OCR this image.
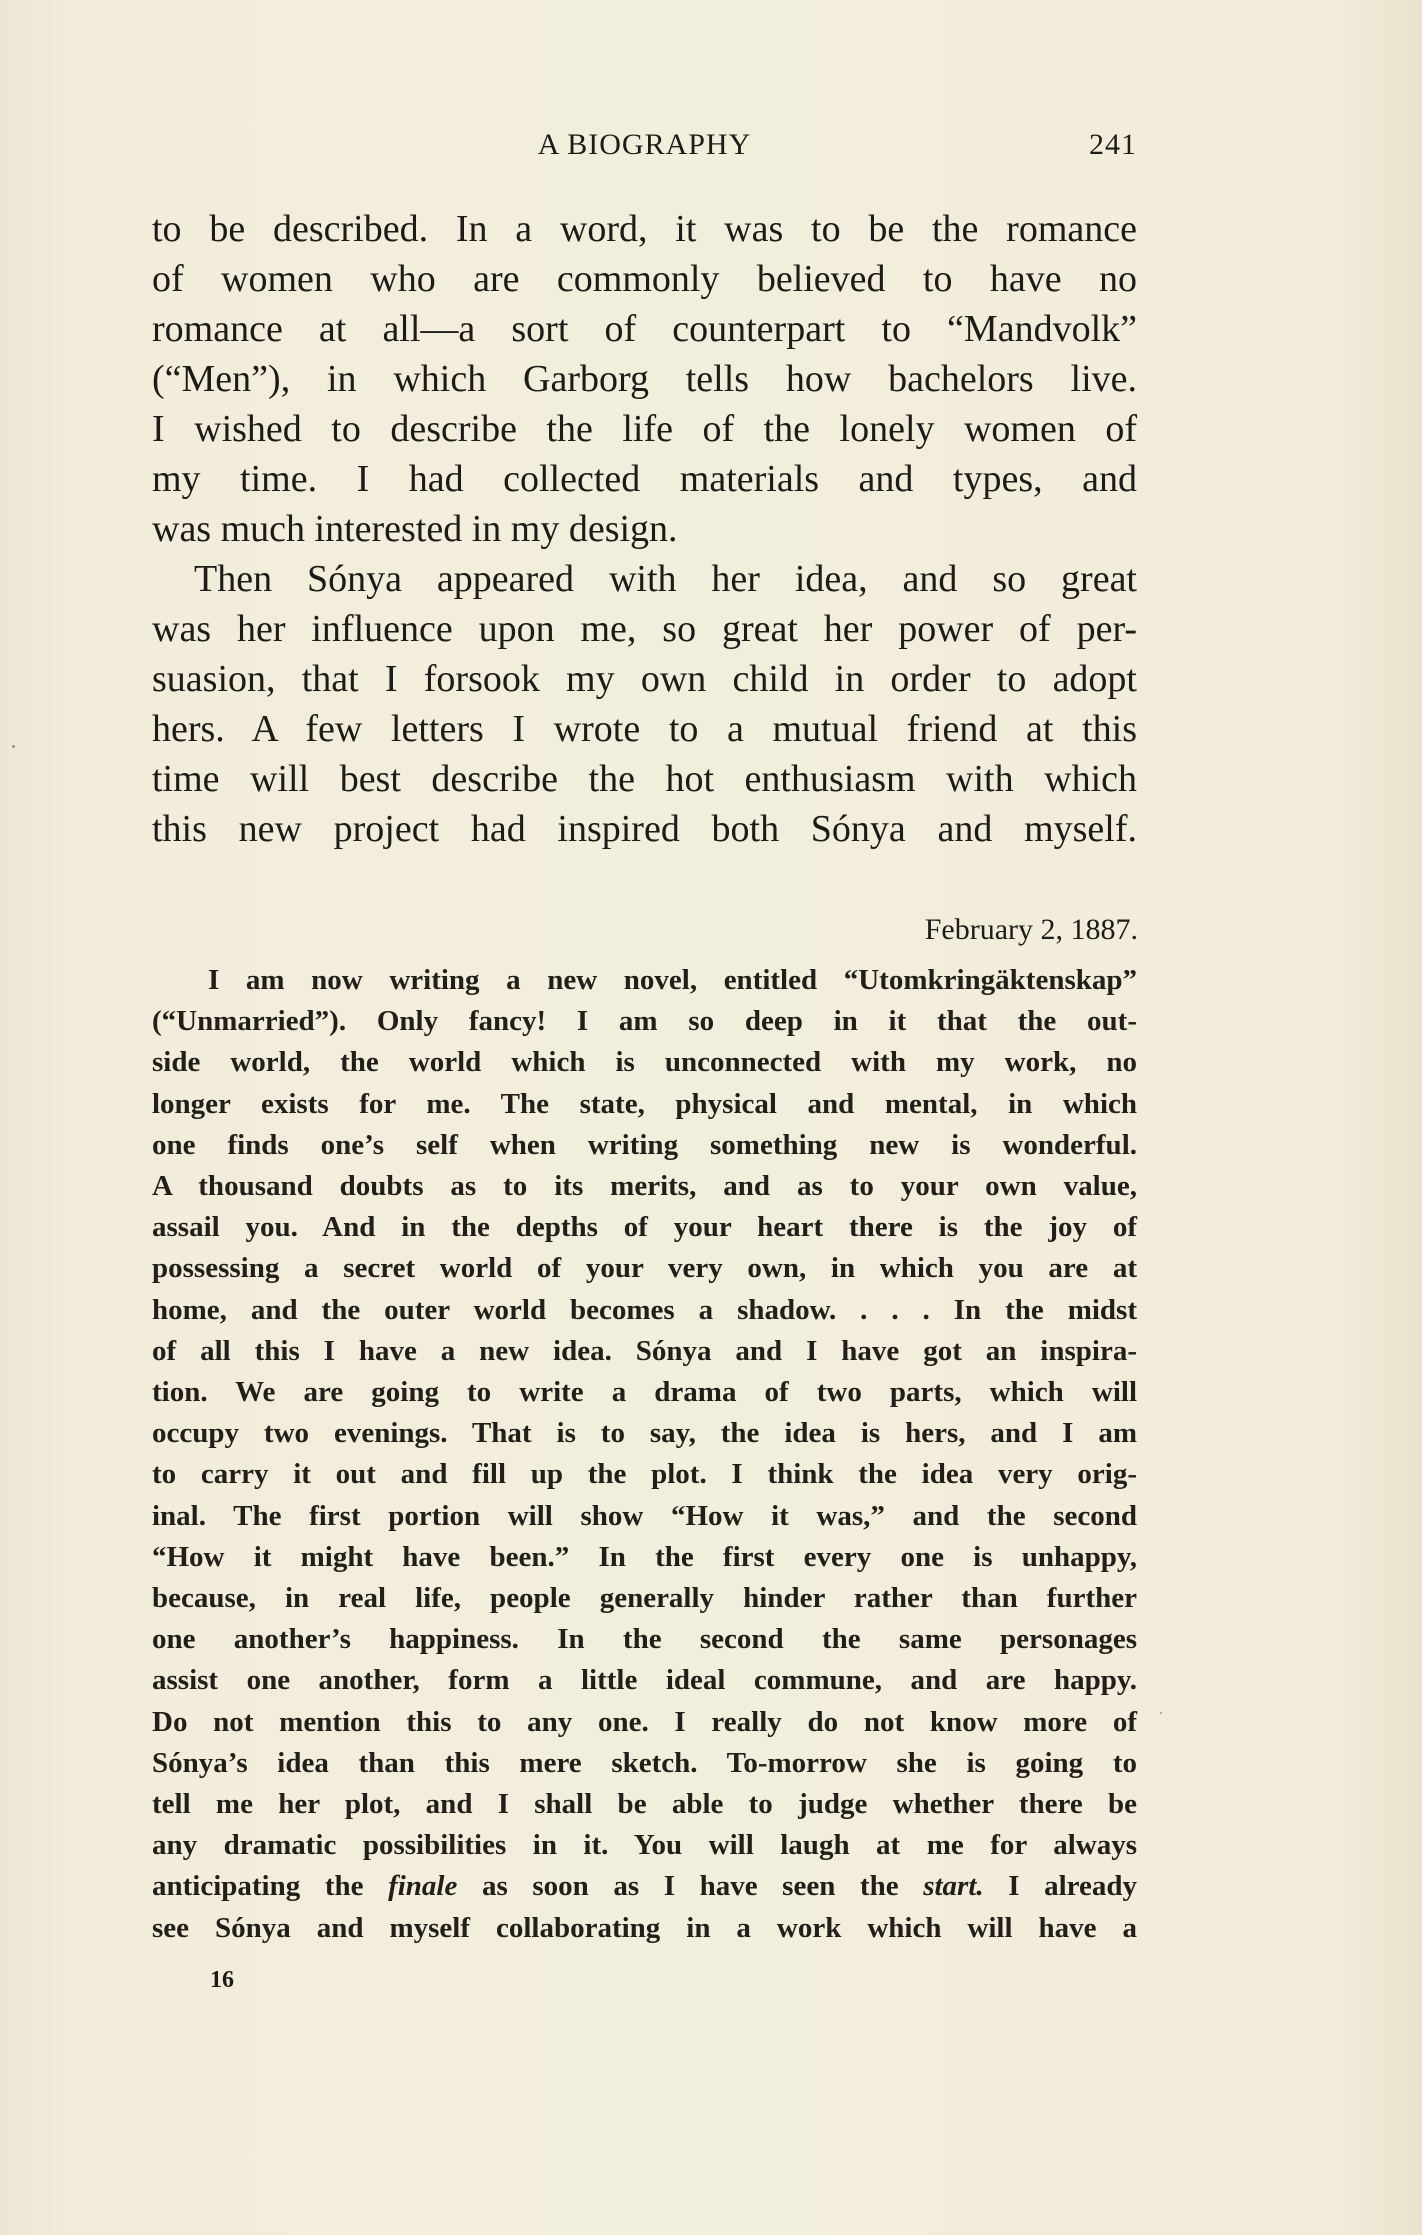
A BIOGRAPHY	241
to be described. In a word, it was to be the romance
of women who are commonly believed to have no
romance at all—a sort of counterpart to “Mandvolk”
(“Men”), in which Garborg tells how bachelors live.
I wished to describe the life of the lonely women of
my time. I had collected materials and types, and
was much interested in my design.
Then Sónya appeared with her idea, and so great
was her influence upon me, so great her power of per-
suasion, that I forsook my own child in order to adopt
hers. A few letters I wrote to a mutual friend at this
time will best describe the hot enthusiasm with which
this new project had inspired both Sónya and myself.
February 2, 1887.
I am now writing a new novel, entitled “Utomkringäktenskap”
(“Unmarried”). Only fancy! I am so deep in it that the out-
side world, the world which is unconnected with my work, no
longer exists for me. The state, physical and mental, in which
one finds one’s self when writing something new is wonderful.
A thousand doubts as to its merits, and as to your own value,
assail you. And in the depths of your heart there is the joy of
possessing a secret world of your very own, in which you are at
home, and the outer world becomes a shadow. . . . In the midst
of all this I have a new idea. Sónya and I have got an inspira-
tion. We are going to write a drama of two parts, which will
occupy two evenings. That is to say, the idea is hers, and I am
to carry it out and fill up the plot. I think the idea very orig-
inal. The first portion will show “How it was,” and the second
“How it might have been.” In the first every one is unhappy,
because, in real life, people generally hinder rather than further
one another’s happiness. In the second the same personages
assist one another, form a little ideal commune, and are happy.
Do not mention this to any one. I really do not know more of
Sónya’s idea than this mere sketch. To-morrow she is going to
tell me her plot, and I shall be able to judge whether there be
any dramatic possibilities in it. You will laugh at me for always
anticipating the finale as soon as I have seen the start. I already
see Sónya and myself collaborating in a work which will have a
16
